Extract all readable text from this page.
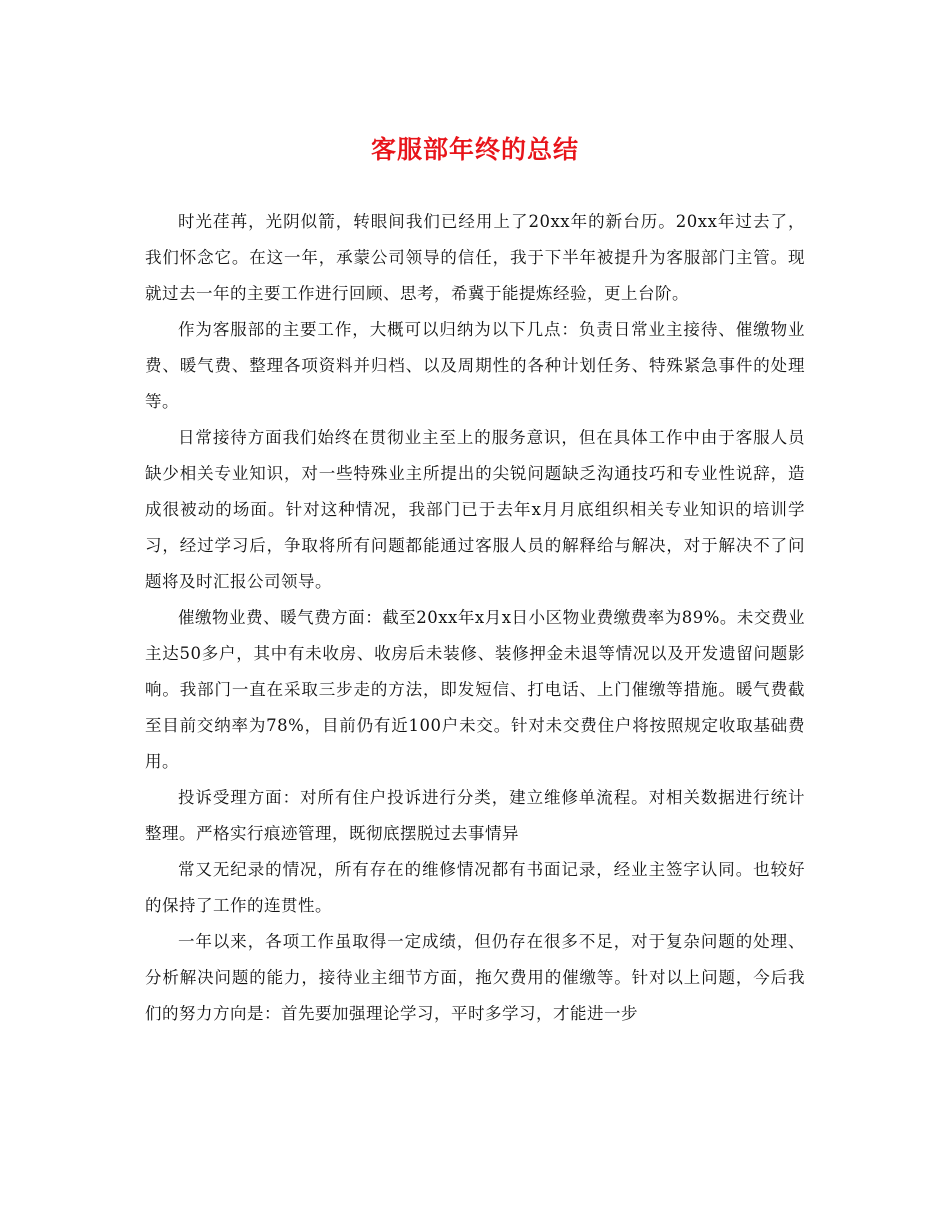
客服部年终的总结

时光荏苒，光阴似箭，转眼间我们已经用上了20xx年的新台历。20xx年过去了，我们怀念它。在这一年，承蒙公司领导的信任，我于下半年被提升为客服部门主管。现就过去一年的主要工作进行回顾、思考，希冀于能提炼经验，更上台阶。

作为客服部的主要工作，大概可以归纳为以下几点：负责日常业主接待、催缴物业费、暖气费、整理各项资料并归档、以及周期性的各种计划任务、特殊紧急事件的处理等。

日常接待方面我们始终在贯彻业主至上的服务意识，但在具体工作中由于客服人员缺少相关专业知识，对一些特殊业主所提出的尖锐问题缺乏沟通技巧和专业性说辞，造成很被动的场面。针对这种情况，我部门已于去年x月月底组织相关专业知识的培训学习，经过学习后，争取将所有问题都能通过客服人员的解释给与解决，对于解决不了问题将及时汇报公司领导。

催缴物业费、暖气费方面：截至20xx年x月x日小区物业费缴费率为89%。未交费业主达50多户，其中有未收房、收房后未装修、装修押金未退等情况以及开发遗留问题影响。我部门一直在采取三步走的方法，即发短信、打电话、上门催缴等措施。暖气费截至目前交纳率为78%，目前仍有近100户未交。针对未交费住户将按照规定收取基础费用。

投诉受理方面：对所有住户投诉进行分类，建立维修单流程。对相关数据进行统计整理。严格实行痕迹管理，既彻底摆脱过去事情异

常又无纪录的情况，所有存在的维修情况都有书面记录，经业主签字认同。也较好的保持了工作的连贯性。

一年以来，各项工作虽取得一定成绩，但仍存在很多不足，对于复杂问题的处理、分析解决问题的能力，接待业主细节方面，拖欠费用的催缴等。针对以上问题，今后我们的努力方向是：首先要加强理论学习，平时多学习，才能进一步
